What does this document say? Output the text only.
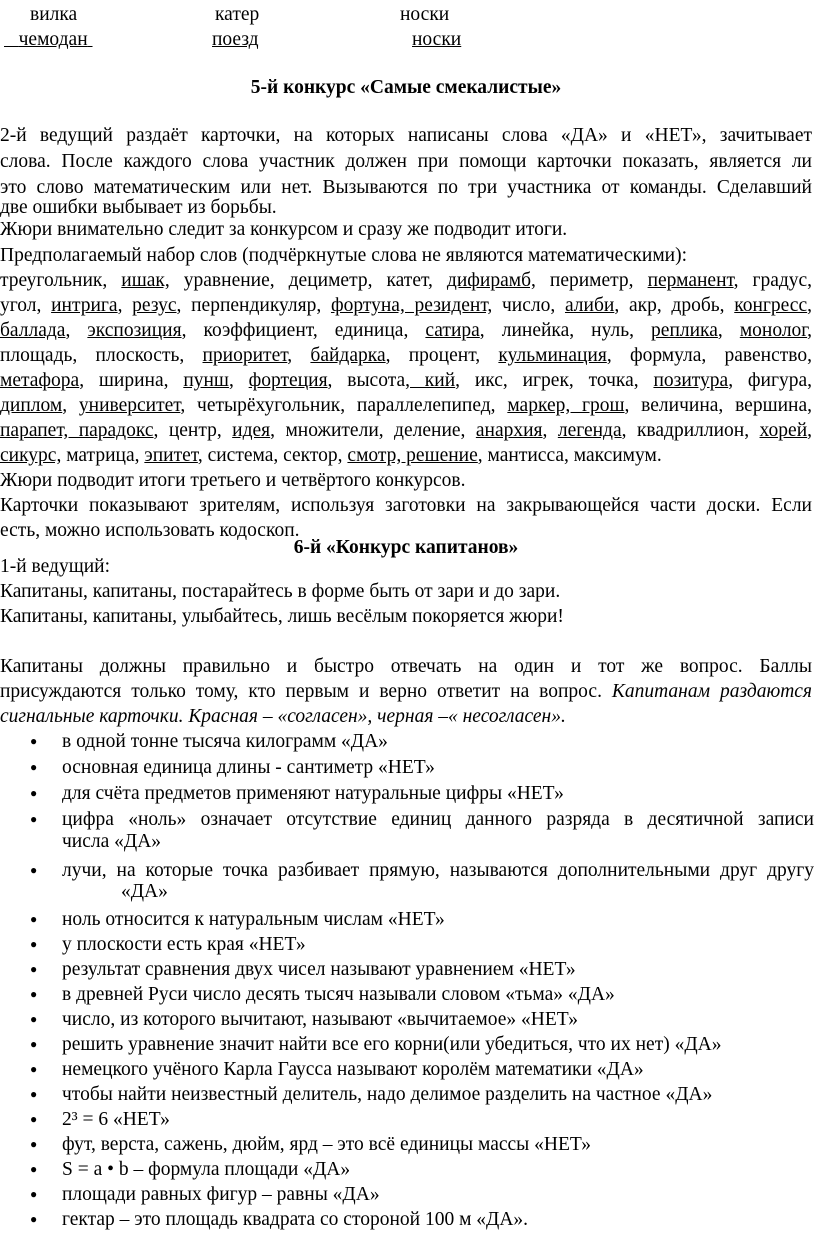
вилка	катер	носки
чемодан	поезд	носки
5-й конкурс «Самые смекалистые»
2-й ведущий раздаёт карточки, на которых написаны слова «ДА» и «НЕТ», зачитывает
слова. После каждого слова участник должен при помощи карточки показать, является ли
это слово математическим или нет. Вызываются по три участника от команды. Сделавший
две ошибки выбывает из борьбы.
Жюри внимательно следит за конкурсом и сразу же подводит итоги.
Предполагаемый набор слов (подчёркнутые слова не являются математическими):
треугольник, ишак, уравнение, дециметр, катет, дифирамб, периметр, перманент, градус,
угол, интрига, резус, перпендикуляр, фортуна, резидент, число, алиби, акр, дробь, конгресс,
баллада, экспозиция, коэффициент, единица, сатира, линейка, нуль, реплика, монолог,
площадь, плоскость, приоритет, байдарка, процент, кульминация, формула, равенство,
метафора, ширина, пунш, фортеция, высота, кий, икс, игрек, точка, позитура, фигура,
диплом, университет, четырёхугольник, параллелепипед, маркер, грош, величина, вершина,
парапет, парадокс, центр, идея, множители, деление, анархия, легенда, квадриллион, хорей,
сикурс, матрица, эпитет, система, сектор, смотр, решение, мантисса, максимум.
Жюри подводит итоги третьего и четвёртого конкурсов.
Карточки показывают зрителям, используя заготовки на закрывающейся части доски. Если
есть, можно использовать кодоскоп.
6-й «Конкурс капитанов»
1-й ведущий:
Капитаны, капитаны, постарайтесь в форме быть от зари и до зари.
Капитаны, капитаны, улыбайтесь, лишь весёлым покоряется жюри!
Капитаны должны правильно и быстро отвечать на один и тот же вопрос. Баллы
присуждаются только тому, кто первым и верно ответит на вопрос. Капитанам раздаются
сигнальные карточки. Красная – «согласен», черная –« несогласен».
● в одной тонне тысяча килограмм «ДА»
● основная единица длины - сантиметр «НЕТ»
● для счёта предметов применяют натуральные цифры «НЕТ»
● цифра «ноль» означает отсутствие единиц данного разряда в десятичной записи
числа «ДА»
● лучи, на которые точка разбивает прямую, называются дополнительными друг другу
«ДА»
● ноль относится к натуральным числам «НЕТ»
● у плоскости есть края «НЕТ»
● результат сравнения двух чисел называют уравнением «НЕТ»
● в древней Руси число десять тысяч называли словом «тьма» «ДА»
● число, из которого вычитают, называют «вычитаемое» «НЕТ»
● решить уравнение значит найти все его корни(или убедиться, что их нет) «ДА»
● немецкого учёного Карла Гаусса называют королём математики «ДА»
● чтобы найти неизвестный делитель, надо делимое разделить на частное «ДА»
● 2³ = 6 «НЕТ»
● фут, верста, сажень, дюйм, ярд – это всё единицы массы «НЕТ»
● S = a • b – формула площади «ДА»
● площади равных фигур – равны «ДА»
● гектар – это площадь квадрата со стороной 100 м «ДА».
